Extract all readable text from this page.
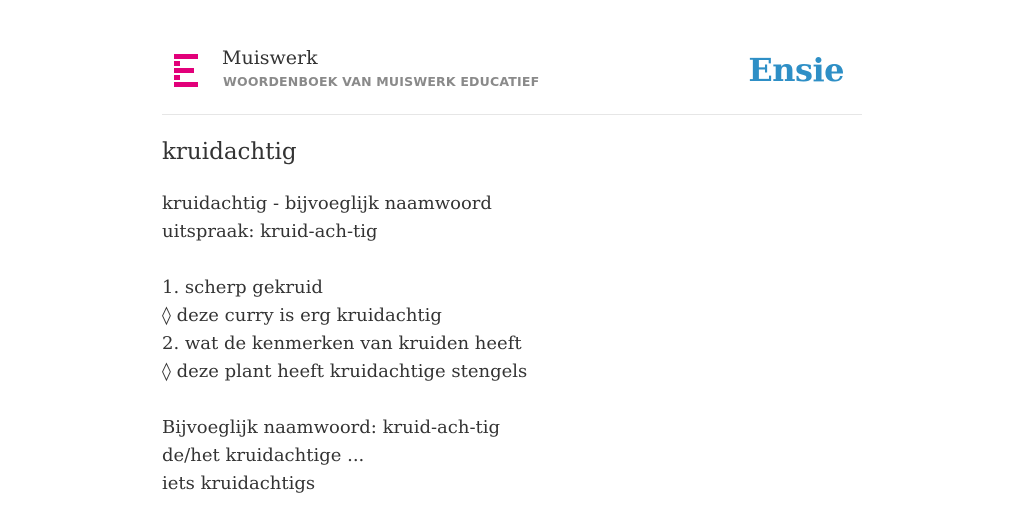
Muiswerk
WOORDENBOEK VAN MUISWERK EDUCATIEF	Ensie
kruidachtig
kruidachtig - bijvoeglijk naamwoord
uitspraak: kruid-ach-tig
1. scherp gekruid
◊ deze curry is erg kruidachtig
2. wat de kenmerken van kruiden heeft
◊ deze plant heeft kruidachtige stengels
Bijvoeglijk naamwoord: kruid-ach-tig
de/het kruidachtige ...
iets kruidachtigs
